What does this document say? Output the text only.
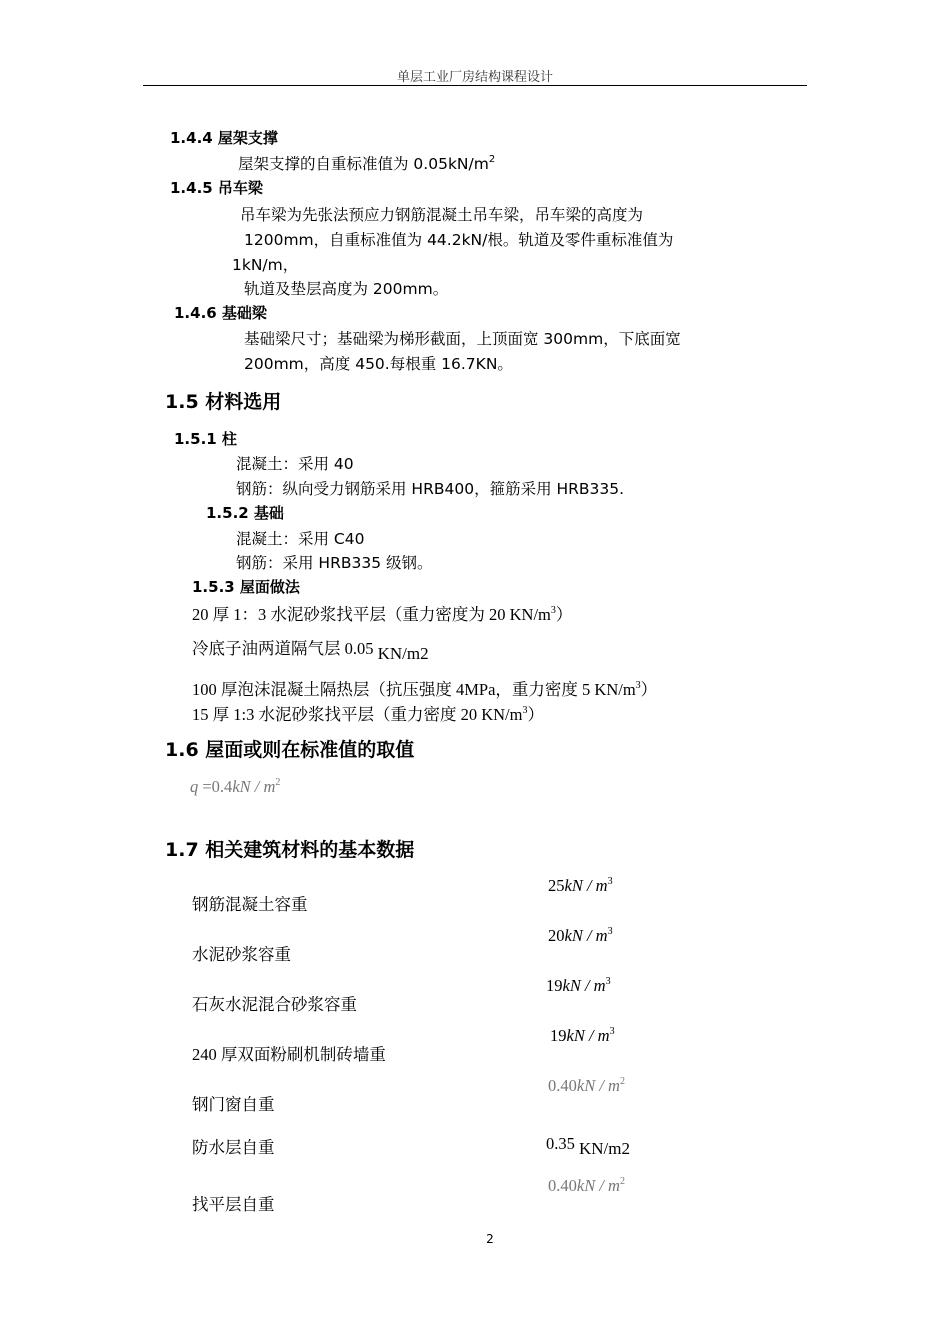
单层工业厂房结构课程设计
1.4.4 屋架支撑
屋架支撑的自重标准值为 $0.05kN/m^2$
1.4.5 吊车梁
吊车梁为先张法预应力钢筋混凝土吊车梁，吊车梁的高度为
1200mm，自重标准值为 44.2kN/根。轨道及零件重标准值为
1kN/m，
轨道及垫层高度为 200mm。
1.4.6 基础梁
基础梁尺寸；基础梁为梯形截面，上顶面宽 300mm，下底面宽
200mm，高度 450.每根重 16.7KN。
1.5 材料选用
1.5.1 柱
混凝土：采用 40
钢筋：纵向受力钢筋采用 HRB400，箍筋采用 HRB335.
1.5.2 基础
混凝土：采用 C40
钢筋：采用 HRB335 级钢。
1.5.3 屋面做法
20 厚 1：3 水泥砂浆找平层（重力密度为 20 $KN/m^3$）
冷底子油两道隔气层 0.05 KN/m2
100 厚泡沫混凝土隔热层（抗压强度 4MPa，重力密度 5 $KN/m^3$）
15 厚 1:3 水泥砂浆找平层（重力密度 20 $KN/m^3$）
1.6 屋面或则在标准值的取值
$q =0.4kN / m^2$
1.7 相关建筑材料的基本数据
钢筋混凝土容重
$25kN / m^3$
水泥砂浆容重
$20kN / m^3$
石灰水泥混合砂浆容重
$19kN / m^3$
240 厚双面粉刷机制砖墙重
$19kN / m^3$
钢门窗自重
$0.40kN / m^2$
防水层自重	0.35 KN/m2
找平层自重
$0.40kN / m^2$
2
